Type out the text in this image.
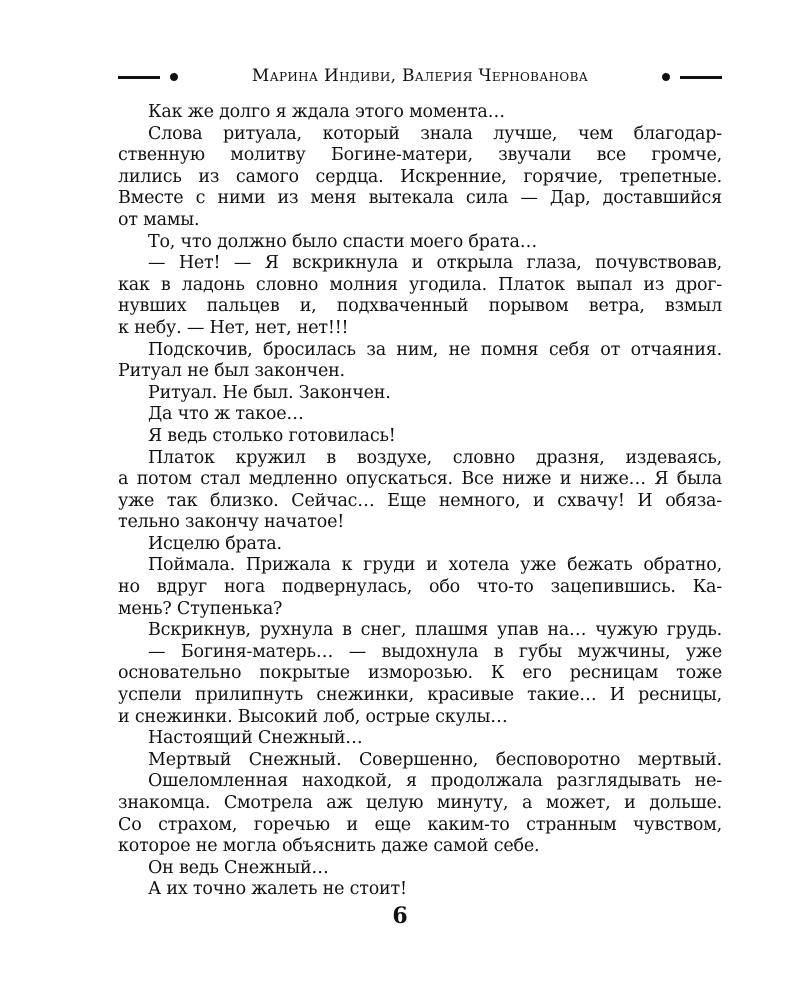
Марина Индиви, Валерия Чернованова
Как же долго я ждала этого момента…
Слова ритуала, который знала лучше, чем благодар-
ственную молитву Богине-матери, звучали все громче,
лились из самого сердца. Искренние, горячие, трепетные.
Вместе с ними из меня вытекала сила — Дар, доставшийся
от мамы.
То, что должно было спасти моего брата…
— Нет! — Я вскрикнула и открыла глаза, почувствовав,
как в ладонь словно молния угодила. Платок выпал из дрог-
нувших пальцев и, подхваченный порывом ветра, взмыл
к небу. — Нет, нет, нет!!!
Подскочив, бросилась за ним, не помня себя от отчаяния.
Ритуал не был закончен.
Ритуал. Не был. Закончен.
Да что ж такое…
Я ведь столько готовилась!
Платок кружил в воздухе, словно дразня, издеваясь,
а потом стал медленно опускаться. Все ниже и ниже… Я была
уже так близко. Сейчас… Еще немного, и схвачу! И обяза-
тельно закончу начатое!
Исцелю брата.
Поймала. Прижала к груди и хотела уже бежать обратно,
но вдруг нога подвернулась, обо что-то зацепившись. Ка-
мень? Ступенька?
Вскрикнув, рухнула в снег, плашмя упав на… чужую грудь.
— Богиня-матерь… — выдохнула в губы мужчины, уже
основательно покрытые изморозью. К его ресницам тоже
успели прилипнуть снежинки, красивые такие… И ресницы,
и снежинки. Высокий лоб, острые скулы…
Настоящий Снежный…
Мертвый Снежный. Совершенно, бесповоротно мертвый.
Ошеломленная находкой, я продолжала разглядывать не-
знакомца. Смотрела аж целую минуту, а может, и дольше.
Со страхом, горечью и еще каким-то странным чувством,
которое не могла объяснить даже самой себе.
Он ведь Снежный…
А их точно жалеть не стоит!
6
